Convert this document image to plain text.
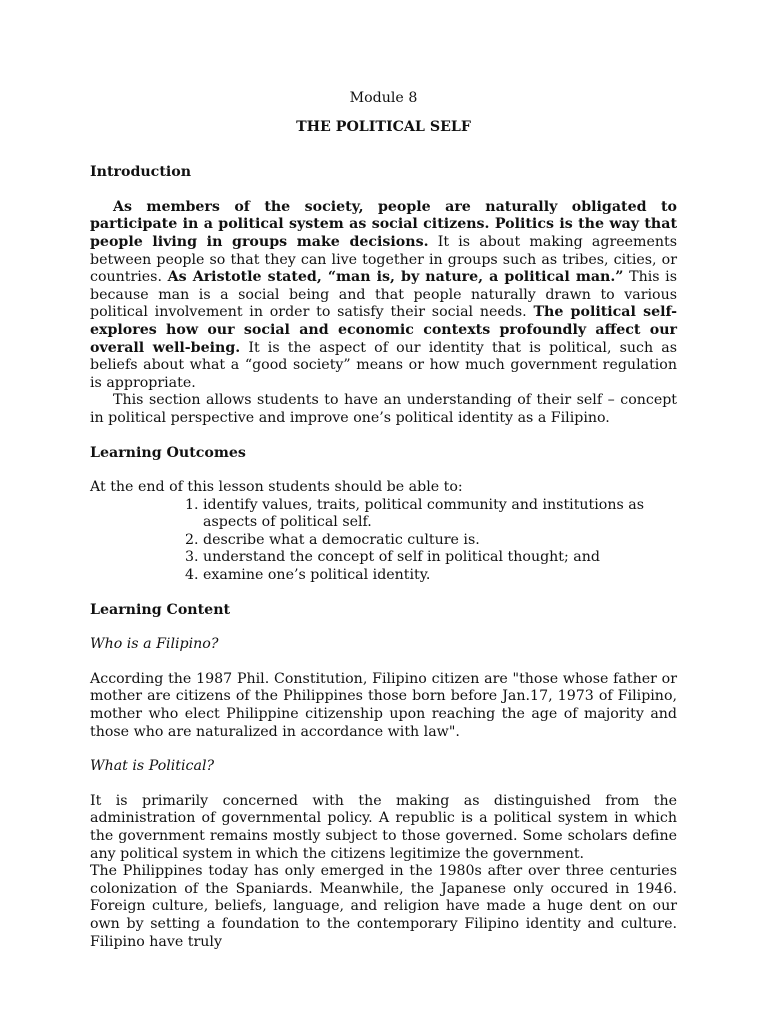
Module 8
THE POLITICAL SELF
Introduction

As members of the society, people are naturally obligated to participate in a political system as social citizens. Politics is the way that people living in groups make decisions. It is about making agreements between people so that they can live together in groups such as tribes, cities, or countries. As Aristotle stated, “man is, by nature, a political man.” This is because man is a social being and that people naturally drawn to various political involvement in order to satisfy their social needs. The political self-explores how our social and economic contexts profoundly affect our overall well-being. It is the aspect of our identity that is political, such as beliefs about what a “good society” means or how much government regulation is appropriate.

This section allows students to have an understanding of their self – concept in political perspective and improve one’s political identity as a Filipino.

Learning Outcomes

At the end of this lesson students should be able to:

1. identify values, traits, political community and institutions as aspects of political self.
2. describe what a democratic culture is.
3. understand the concept of self in political thought; and
4. examine one’s political identity.
Learning Content

Who is a Filipino?

According the 1987 Phil. Constitution, Filipino citizen are "those whose father or mother are citizens of the Philippines those born before Jan.17, 1973 of Filipino, mother who elect Philippine citizenship upon reaching the age of majority and those who are naturalized in accordance with law".

What is Political?

It is primarily concerned with the making as distinguished from the administration of governmental policy. A republic is a political system in which the government remains mostly subject to those governed. Some scholars define any political system in which the citizens legitimize the government.

The Philippines today has only emerged in the 1980s after over three centuries colonization of the Spaniards. Meanwhile, the Japanese only occured in 1946. Foreign culture, beliefs, language, and religion have made a huge dent on our own by setting a foundation to the contemporary Filipino identity and culture. Filipino have truly
